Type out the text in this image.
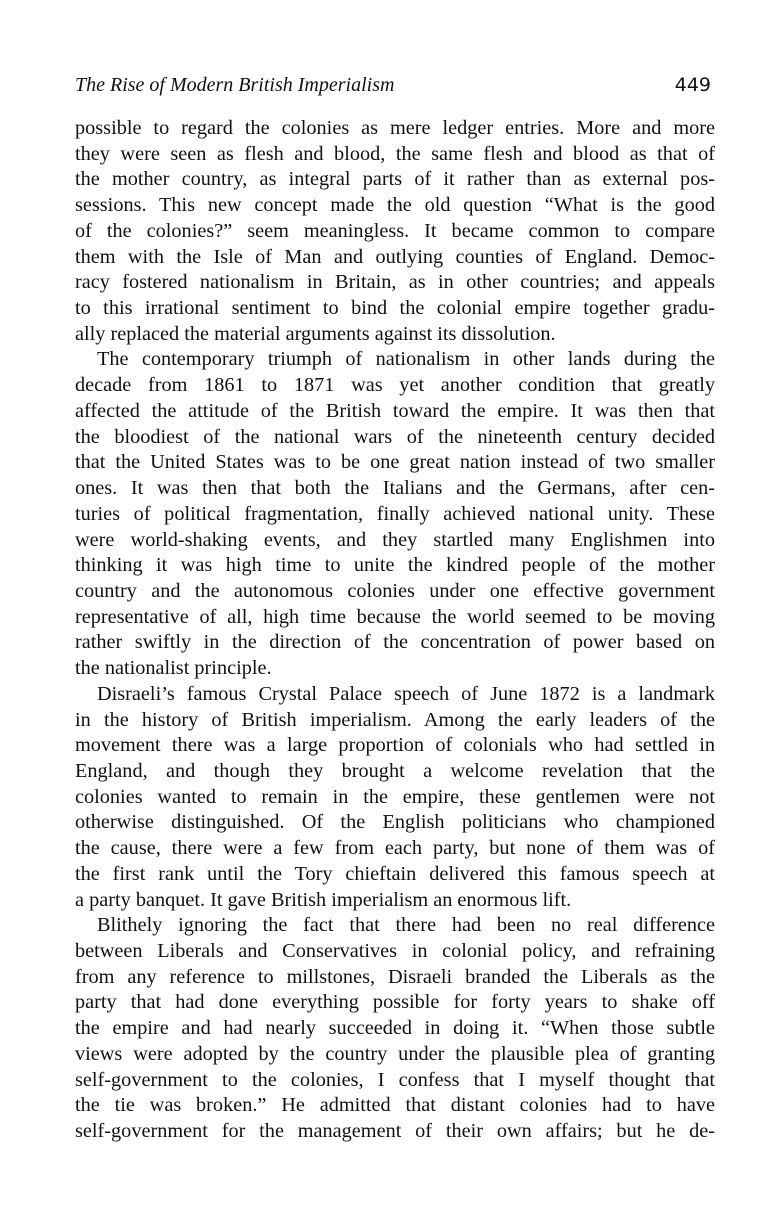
The Rise of Modern British Imperialism	449
possible to regard the colonies as mere ledger entries. More and more
they were seen as flesh and blood, the same flesh and blood as that of
the mother country, as integral parts of it rather than as external pos-
sessions. This new concept made the old question “What is the good
of the colonies?” seem meaningless. It became common to compare
them with the Isle of Man and outlying counties of England. Democ-
racy fostered nationalism in Britain, as in other countries; and appeals
to this irrational sentiment to bind the colonial empire together gradu-
ally replaced the material arguments against its dissolution.
The contemporary triumph of nationalism in other lands during the
decade from 1861 to 1871 was yet another condition that greatly
affected the attitude of the British toward the empire. It was then that
the bloodiest of the national wars of the nineteenth century decided
that the United States was to be one great nation instead of two smaller
ones. It was then that both the Italians and the Germans, after cen-
turies of political fragmentation, finally achieved national unity. These
were world-shaking events, and they startled many Englishmen into
thinking it was high time to unite the kindred people of the mother
country and the autonomous colonies under one effective government
representative of all, high time because the world seemed to be moving
rather swiftly in the direction of the concentration of power based on
the nationalist principle.
Disraeli’s famous Crystal Palace speech of June 1872 is a landmark
in the history of British imperialism. Among the early leaders of the
movement there was a large proportion of colonials who had settled in
England, and though they brought a welcome revelation that the
colonies wanted to remain in the empire, these gentlemen were not
otherwise distinguished. Of the English politicians who championed
the cause, there were a few from each party, but none of them was of
the first rank until the Tory chieftain delivered this famous speech at
a party banquet. It gave British imperialism an enormous lift.
Blithely ignoring the fact that there had been no real difference
between Liberals and Conservatives in colonial policy, and refraining
from any reference to millstones, Disraeli branded the Liberals as the
party that had done everything possible for forty years to shake off
the empire and had nearly succeeded in doing it. “When those subtle
views were adopted by the country under the plausible plea of granting
self-government to the colonies, I confess that I myself thought that
the tie was broken.” He admitted that distant colonies had to have
self-government for the management of their own affairs; but he de-
